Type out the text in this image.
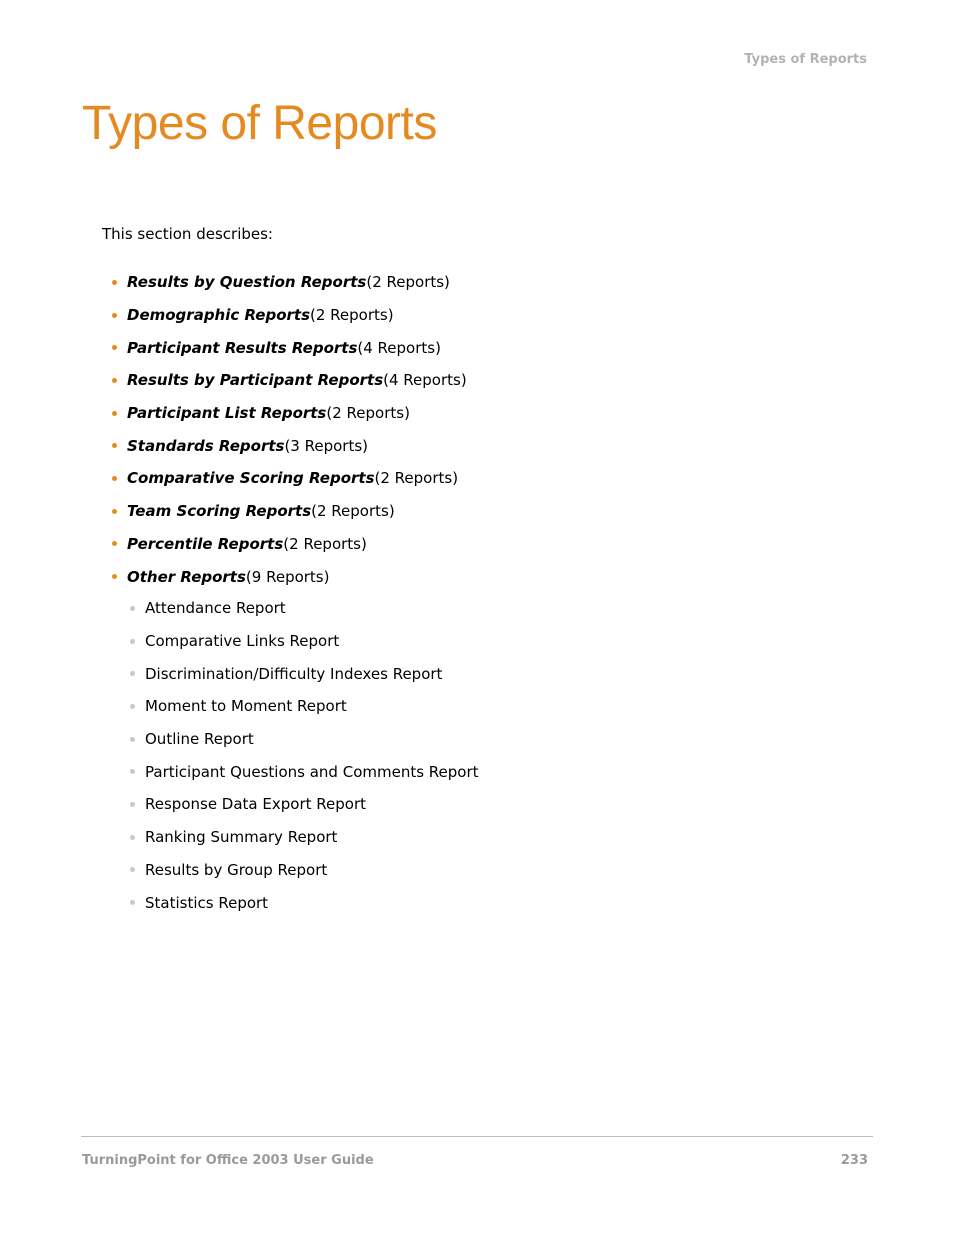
Types of Reports
Types of Reports

This section describes:

Results by Question Reports (2 Reports)
Demographic Reports (2 Reports)
Participant Results Reports (4 Reports)
Results by Participant Reports (4 Reports)
Participant List Reports (2 Reports)
Standards Reports (3 Reports)
Comparative Scoring Reports (2 Reports)
Team Scoring Reports (2 Reports)
Percentile Reports (2 Reports)
Other Reports (9 Reports)
Attendance Report
Comparative Links Report
Discrimination/Difficulty Indexes Report
Moment to Moment Report
Outline Report
Participant Questions and Comments Report
Response Data Export Report
Ranking Summary Report
Results by Group Report
Statistics Report
TurningPoint for Office 2003 User Guide	233
